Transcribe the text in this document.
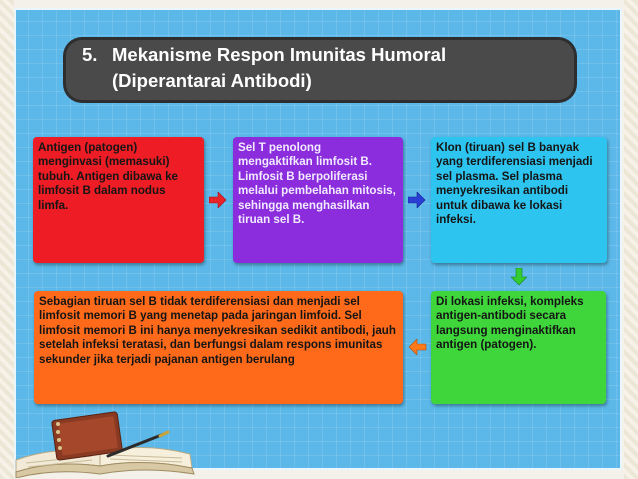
5. Mekanisme Respon Imunitas Humoral
(Diperantarai Antibodi)
Antigen (patogen) menginvasi (memasuki) tubuh. Antigen dibawa ke limfosit B dalam nodus limfa.
Sel T penolong mengaktifkan limfosit B. Limfosit B berpoliferasi melalui pembelahan mitosis, sehingga menghasilkan tiruan sel B.
Klon (tiruan) sel B banyak yang terdiferensiasi menjadi sel plasma. Sel plasma menyekresikan antibodi untuk dibawa ke lokasi infeksi.
Di lokasi infeksi, kompleks antigen-antibodi secara langsung menginaktifkan antigen (patogen).
Sebagian tiruan sel B tidak terdiferensiasi dan menjadi sel limfosit memori B yang menetap pada jaringan limfoid. Sel limfosit memori B ini hanya menyekresikan sedikit antibodi, jauh setelah infeksi teratasi, dan berfungsi dalam respons imunitas sekunder jika terjadi pajanan antigen berulang
